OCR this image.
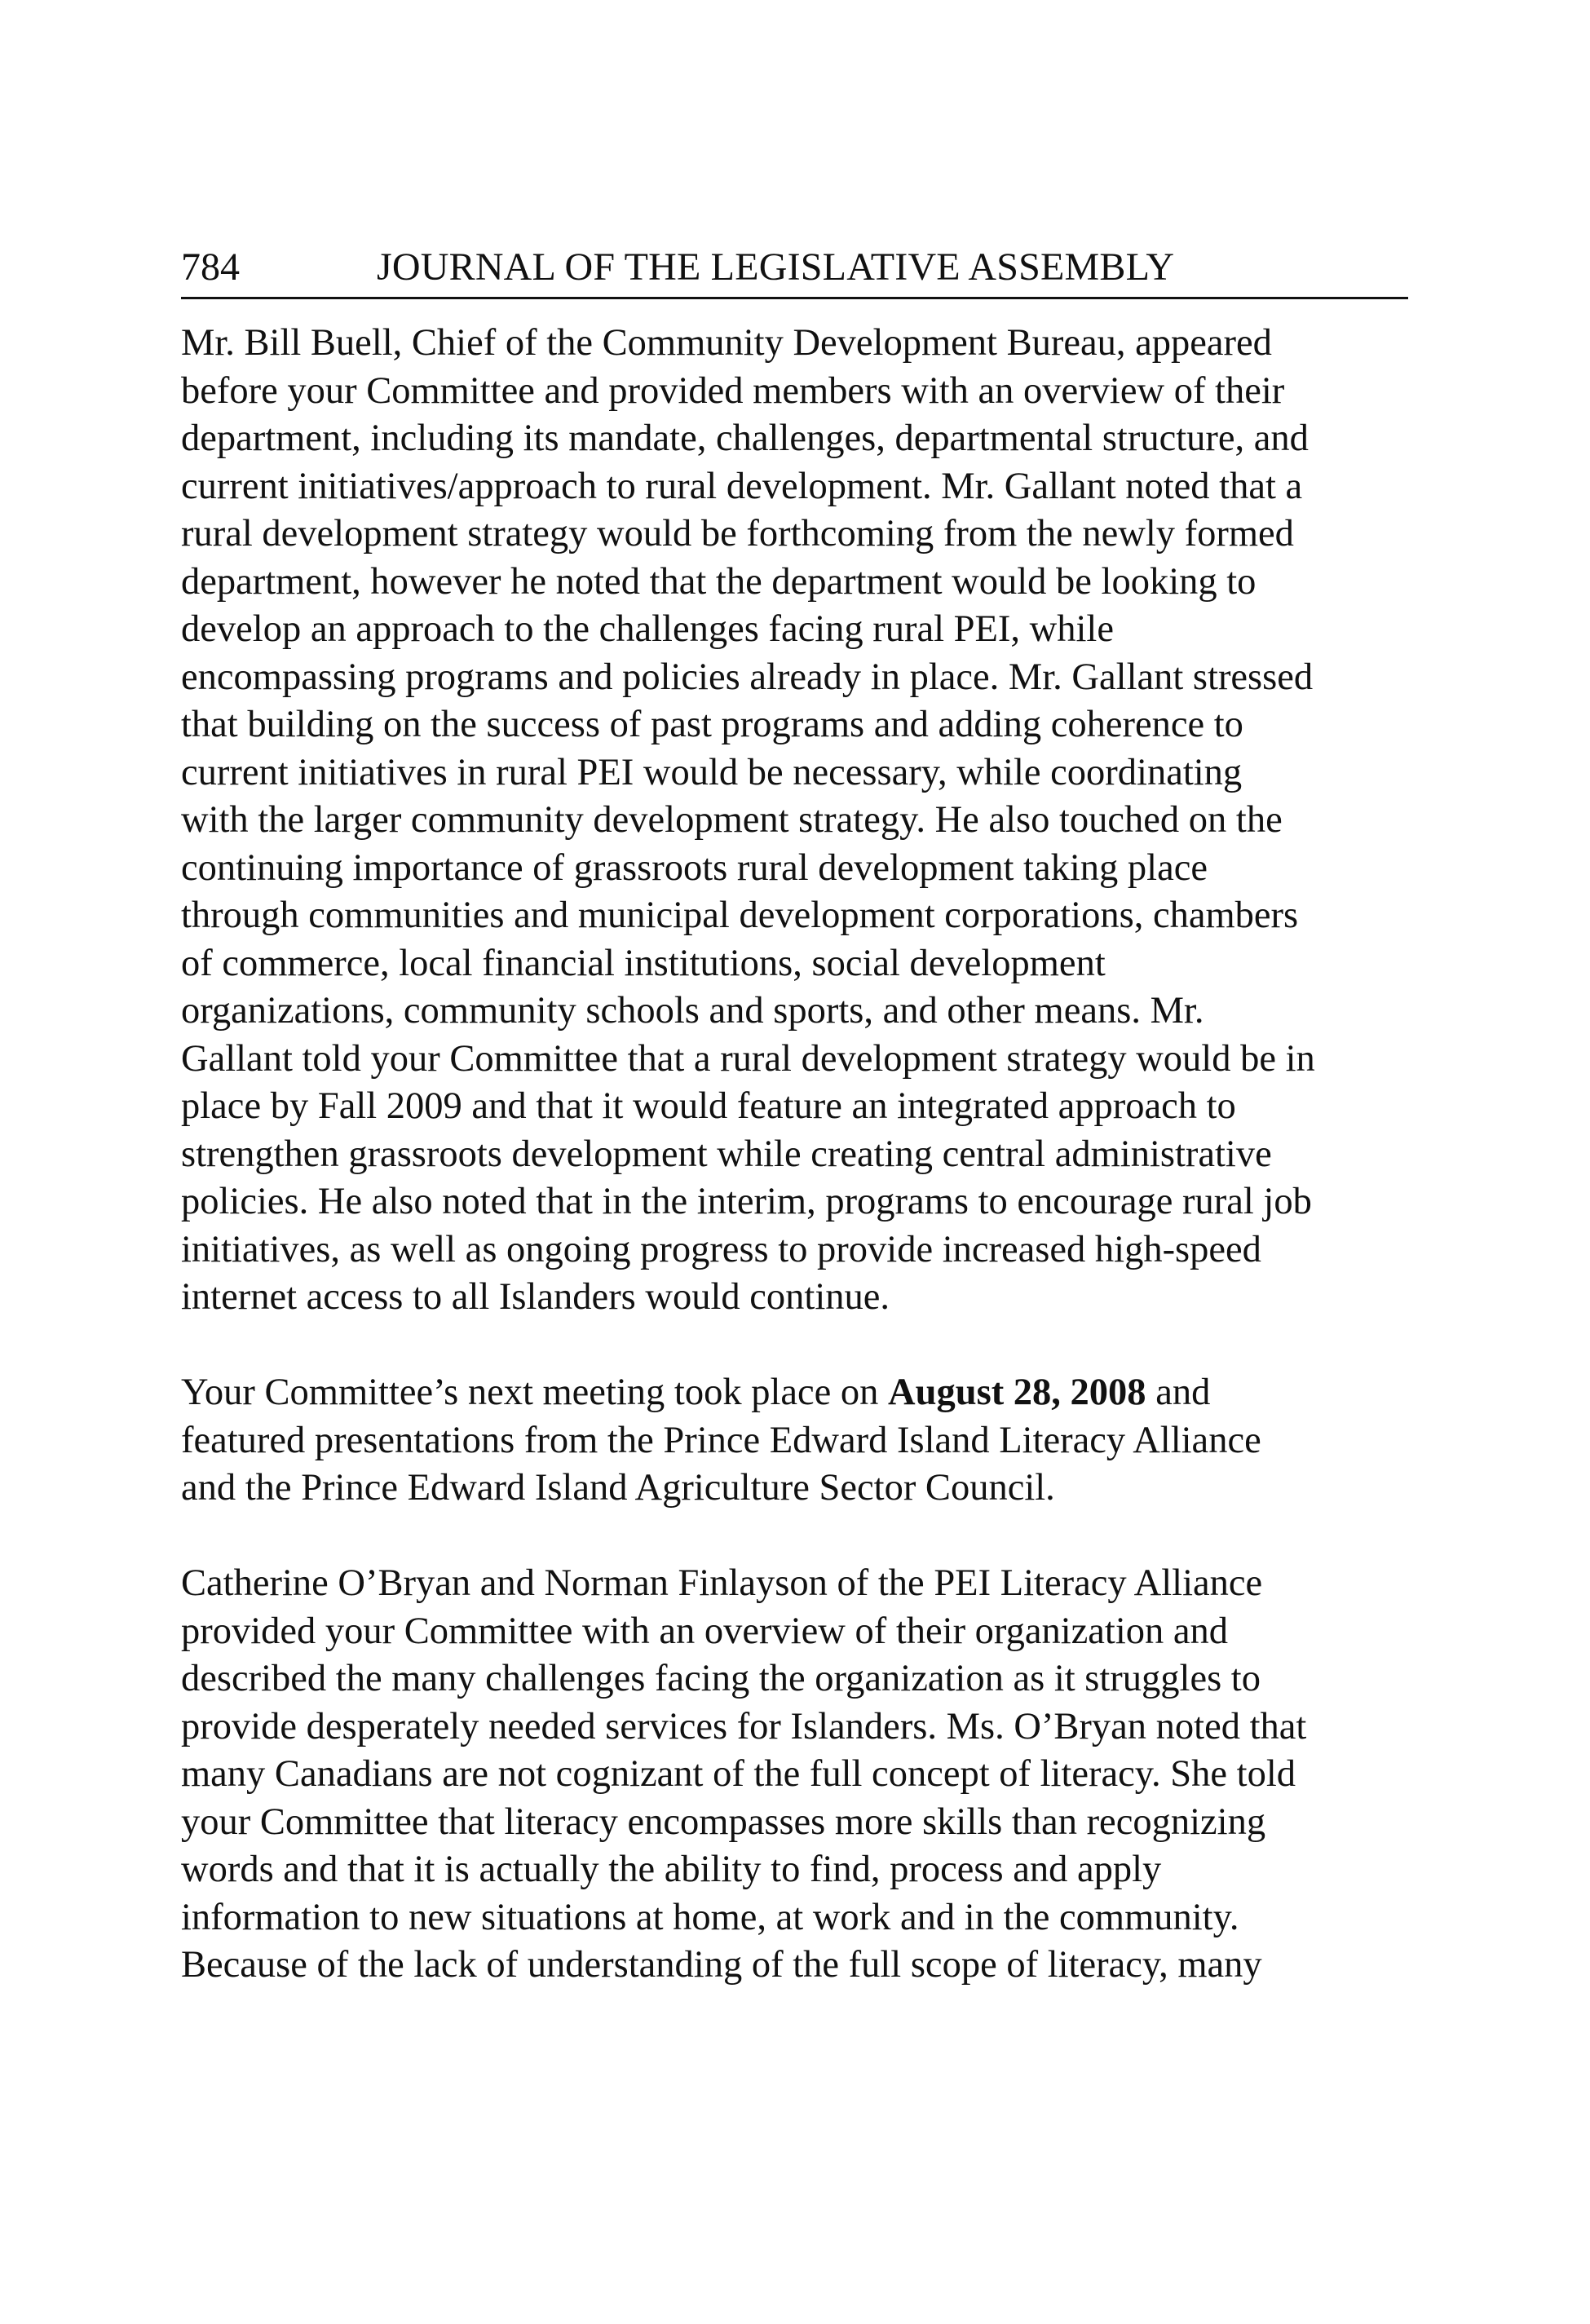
784	JOURNAL OF THE LEGISLATIVE ASSEMBLY

Mr. Bill Buell, Chief of the Community Development Bureau, appeared
before your Committee and provided members with an overview of their
department, including its mandate, challenges, departmental structure, and
current initiatives/approach to rural development. Mr. Gallant noted that a
rural development strategy would be forthcoming from the newly formed
department, however he noted that the department would be looking to
develop an approach to the challenges facing rural PEI, while
encompassing programs and policies already in place. Mr. Gallant stressed
that building on the success of past programs and adding coherence to
current initiatives in rural PEI would be necessary, while coordinating
with the larger community development strategy. He also touched on the
continuing importance of grassroots rural development taking place
through communities and municipal development corporations, chambers
of commerce, local financial institutions, social development
organizations, community schools and sports, and other means. Mr.
Gallant told your Committee that a rural development strategy would be in
place by Fall 2009 and that it would feature an integrated approach to
strengthen grassroots development while creating central administrative
policies. He also noted that in the interim, programs to encourage rural job
initiatives, as well as ongoing progress to provide increased high-speed
internet access to all Islanders would continue.

Your Committee’s next meeting took place on August 28, 2008 and
featured presentations from the Prince Edward Island Literacy Alliance
and the Prince Edward Island Agriculture Sector Council.

Catherine O’Bryan and Norman Finlayson of the PEI Literacy Alliance
provided your Committee with an overview of their organization and
described the many challenges facing the organization as it struggles to
provide desperately needed services for Islanders. Ms. O’Bryan noted that
many Canadians are not cognizant of the full concept of literacy. She told
your Committee that literacy encompasses more skills than recognizing
words and that it is actually the ability to find, process and apply
information to new situations at home, at work and in the community.
Because of the lack of understanding of the full scope of literacy, many
